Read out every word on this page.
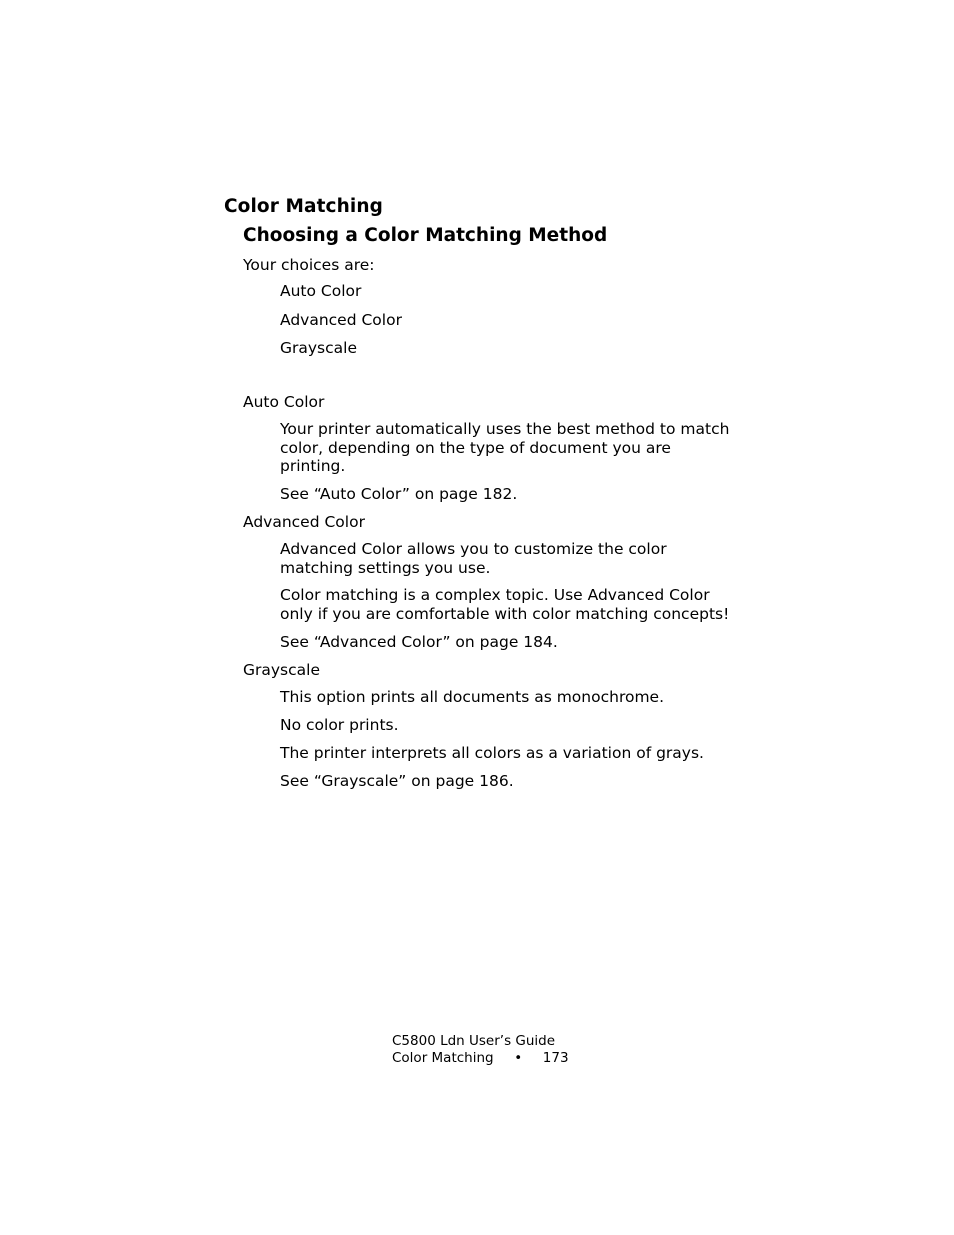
Color Matching
Choosing a Color Matching Method
Your choices are:
Auto Color
Advanced Color
Grayscale
Auto Color
Your printer automatically uses the best method to match color, depending on the type of document you are printing.
See “Auto Color” on page 182.
Advanced Color
Advanced Color allows you to customize the color matching settings you use.
Color matching is a complex topic. Use Advanced Color only if you are comfortable with color matching concepts!
See “Advanced Color” on page 184.
Grayscale
This option prints all documents as monochrome.
No color prints.
The printer interprets all colors as a variation of grays.
See “Grayscale” on page 186.
C5800 Ldn User’s Guide
Color Matching • 173
